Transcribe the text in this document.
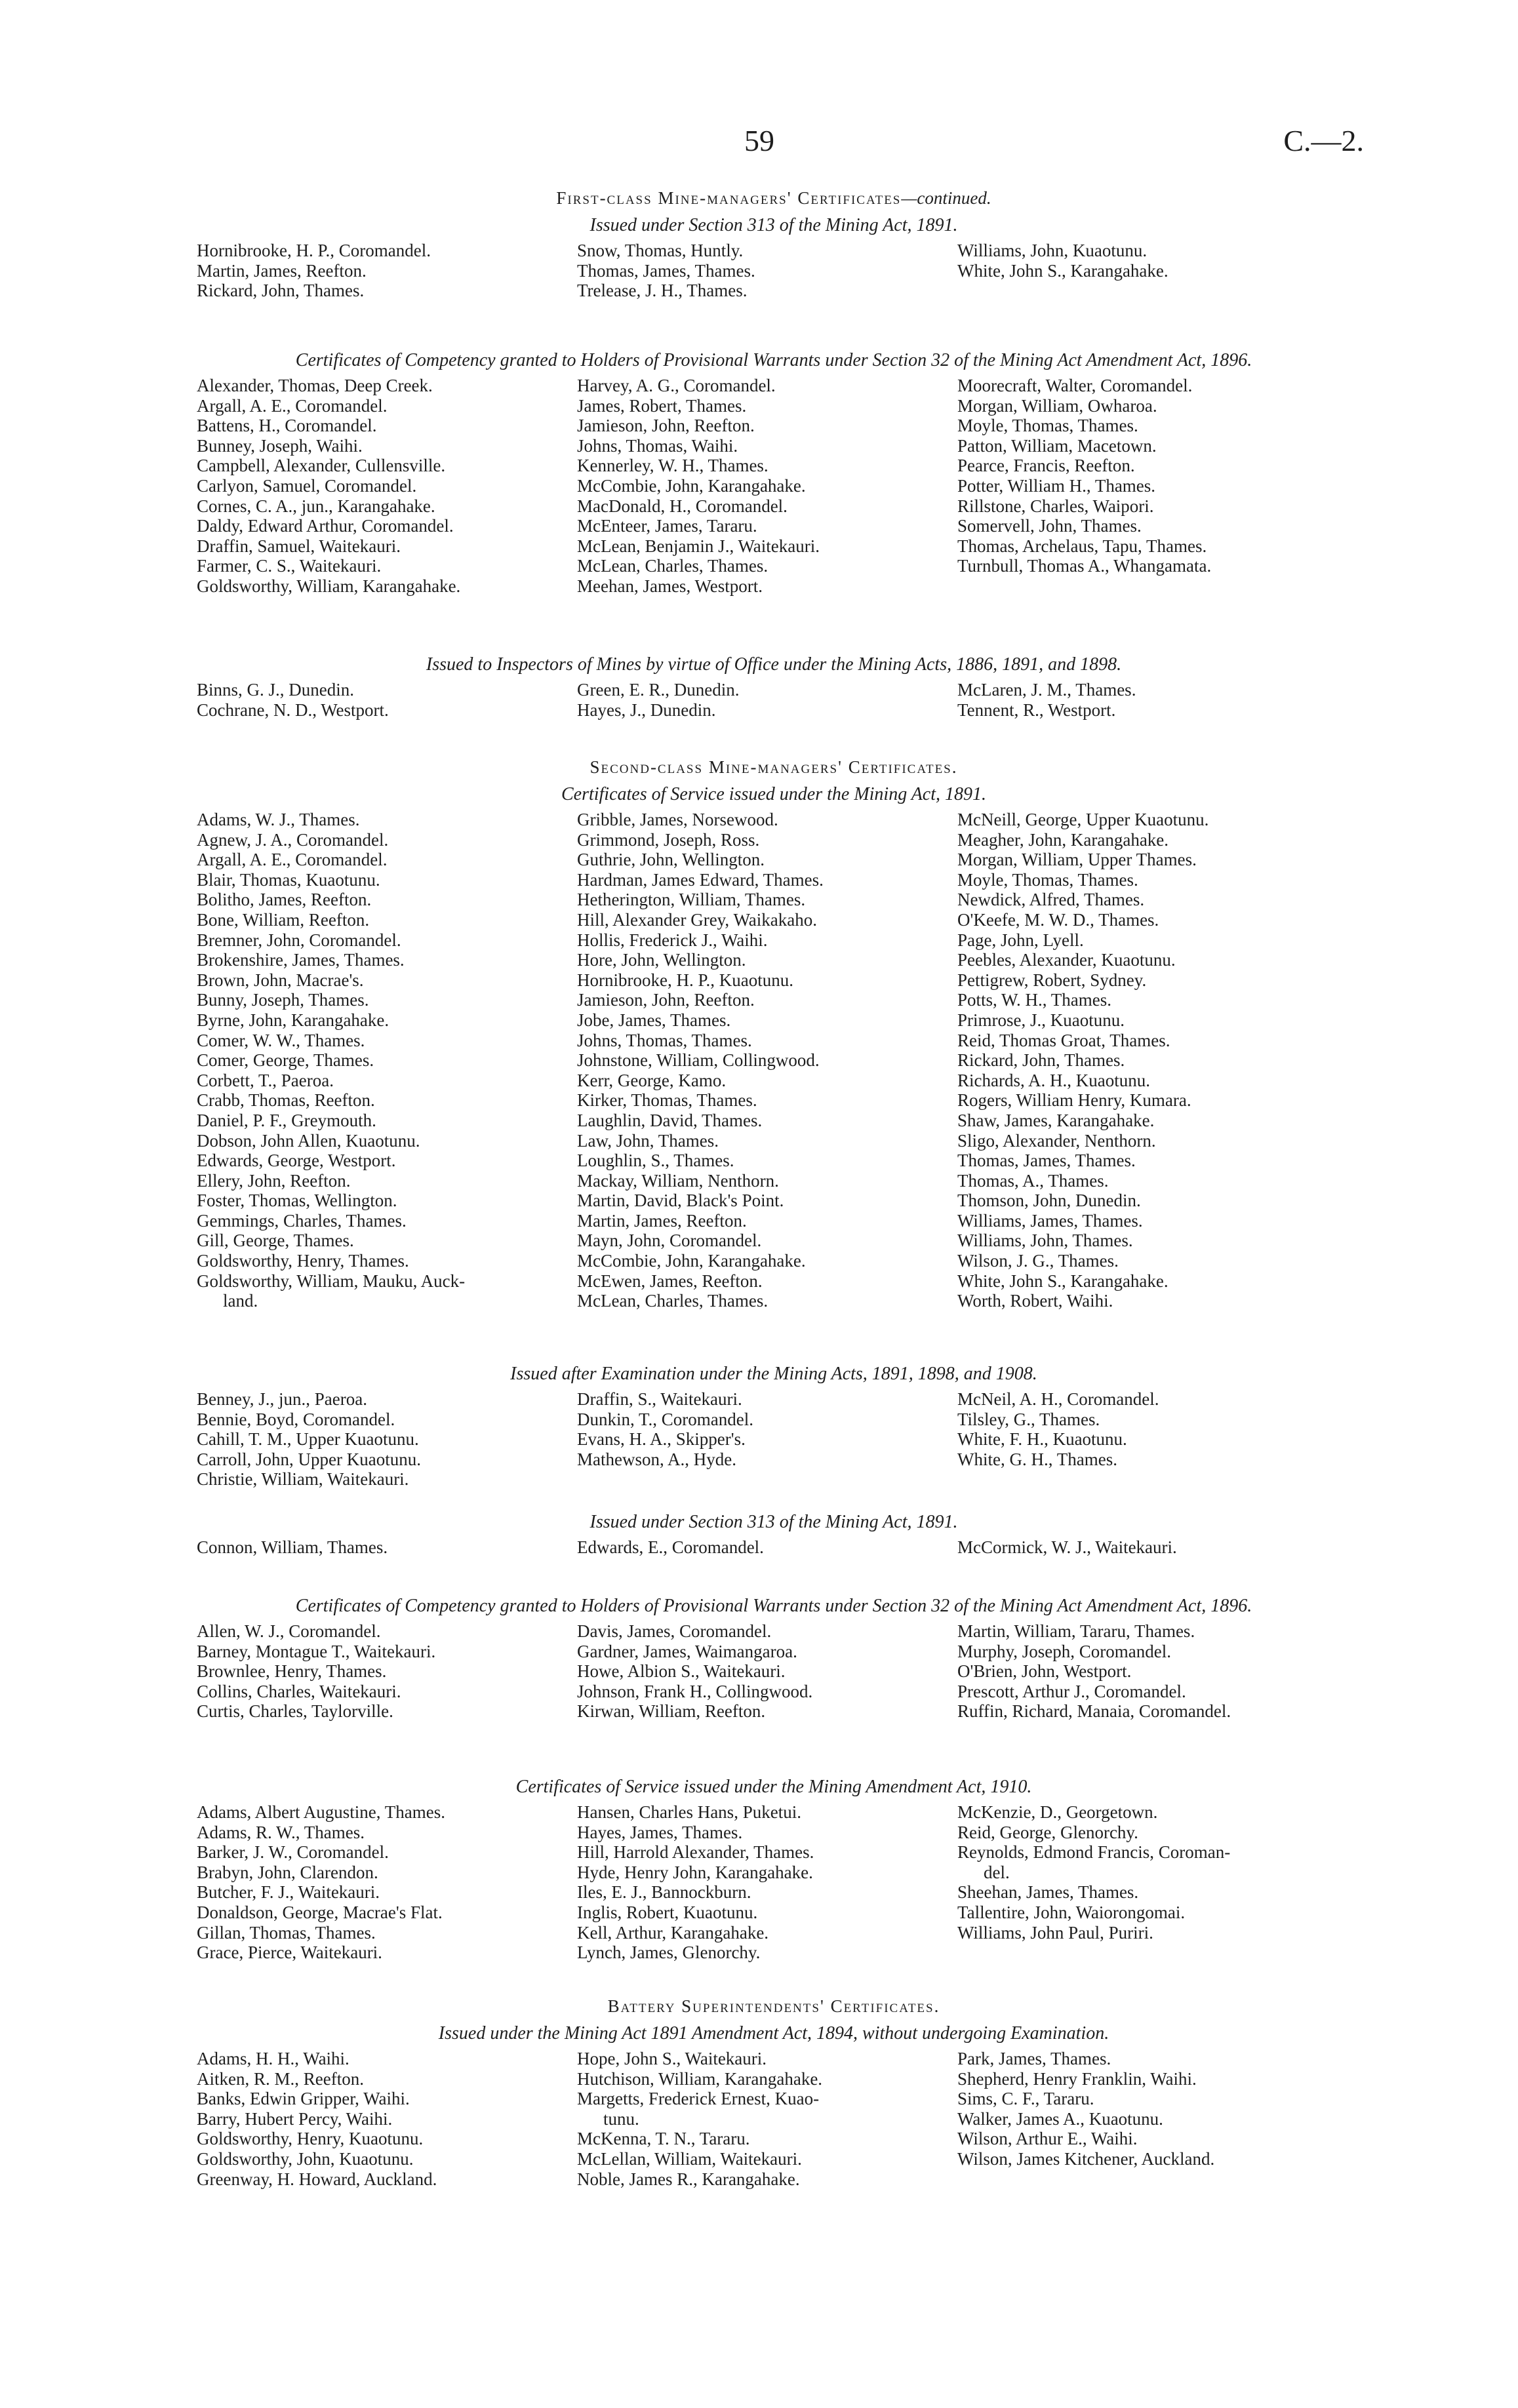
59	C.—2.
First-class Mine-managers' Certificates—continued.
Issued under Section 313 of the Mining Act, 1891.
Hornibrooke, H. P., Coromandel.
Martin, James, Reefton.
Rickard, John, Thames.
Snow, Thomas, Huntly.
Thomas, James, Thames.
Trelease, J. H., Thames.
Williams, John, Kuaotunu.
White, John S., Karangahake.
Certificates of Competency granted to Holders of Provisional Warrants under Section 32 of the Mining Act Amendment Act, 1896.
Alexander, Thomas, Deep Creek.
Argall, A. E., Coromandel.
Battens, H., Coromandel.
Bunney, Joseph, Waihi.
Campbell, Alexander, Cullensville.
Carlyon, Samuel, Coromandel.
Cornes, C. A., jun., Karangahake.
Daldy, Edward Arthur, Coromandel.
Draffin, Samuel, Waitekauri.
Farmer, C. S., Waitekauri.
Goldsworthy, William, Karangahake.
Harvey, A. G., Coromandel.
James, Robert, Thames.
Jamieson, John, Reefton.
Johns, Thomas, Waihi.
Kennerley, W. H., Thames.
McCombie, John, Karangahake.
MacDonald, H., Coromandel.
McEnteer, James, Tararu.
McLean, Benjamin J., Waitekauri.
McLean, Charles, Thames.
Meehan, James, Westport.
Moorecraft, Walter, Coromandel.
Morgan, William, Owharoa.
Moyle, Thomas, Thames.
Patton, William, Macetown.
Pearce, Francis, Reefton.
Potter, William H., Thames.
Rillstone, Charles, Waipori.
Somervell, John, Thames.
Thomas, Archelaus, Tapu, Thames.
Turnbull, Thomas A., Whangamata.
Issued to Inspectors of Mines by virtue of Office under the Mining Acts, 1886, 1891, and 1898.
Binns, G. J., Dunedin.
Cochrane, N. D., Westport.
Green, E. R., Dunedin.
Hayes, J., Dunedin.
McLaren, J. M., Thames.
Tennent, R., Westport.
Second-class Mine-managers' Certificates.
Certificates of Service issued under the Mining Act, 1891.
Adams, W. J., Thames.
Agnew, J. A., Coromandel.
Argall, A. E., Coromandel.
Blair, Thomas, Kuaotunu.
Bolitho, James, Reefton.
Bone, William, Reefton.
Bremner, John, Coromandel.
Brokenshire, James, Thames.
Brown, John, Macrae's.
Bunny, Joseph, Thames.
Byrne, John, Karangahake.
Comer, W. W., Thames.
Comer, George, Thames.
Corbett, T., Paeroa.
Crabb, Thomas, Reefton.
Daniel, P. F., Greymouth.
Dobson, John Allen, Kuaotunu.
Edwards, George, Westport.
Ellery, John, Reefton.
Foster, Thomas, Wellington.
Gemmings, Charles, Thames.
Gill, George, Thames.
Goldsworthy, Henry, Thames.
Goldsworthy, William, Mauku, Auck-
land.
Gribble, James, Norsewood.
Grimmond, Joseph, Ross.
Guthrie, John, Wellington.
Hardman, James Edward, Thames.
Hetherington, William, Thames.
Hill, Alexander Grey, Waikakaho.
Hollis, Frederick J., Waihi.
Hore, John, Wellington.
Hornibrooke, H. P., Kuaotunu.
Jamieson, John, Reefton.
Jobe, James, Thames.
Johns, Thomas, Thames.
Johnstone, William, Collingwood.
Kerr, George, Kamo.
Kirker, Thomas, Thames.
Laughlin, David, Thames.
Law, John, Thames.
Loughlin, S., Thames.
Mackay, William, Nenthorn.
Martin, David, Black's Point.
Martin, James, Reefton.
Mayn, John, Coromandel.
McCombie, John, Karangahake.
McEwen, James, Reefton.
McLean, Charles, Thames.
McNeill, George, Upper Kuaotunu.
Meagher, John, Karangahake.
Morgan, William, Upper Thames.
Moyle, Thomas, Thames.
Newdick, Alfred, Thames.
O'Keefe, M. W. D., Thames.
Page, John, Lyell.
Peebles, Alexander, Kuaotunu.
Pettigrew, Robert, Sydney.
Potts, W. H., Thames.
Primrose, J., Kuaotunu.
Reid, Thomas Groat, Thames.
Rickard, John, Thames.
Richards, A. H., Kuaotunu.
Rogers, William Henry, Kumara.
Shaw, James, Karangahake.
Sligo, Alexander, Nenthorn.
Thomas, James, Thames.
Thomas, A., Thames.
Thomson, John, Dunedin.
Williams, James, Thames.
Williams, John, Thames.
Wilson, J. G., Thames.
White, John S., Karangahake.
Worth, Robert, Waihi.
Issued after Examination under the Mining Acts, 1891, 1898, and 1908.
Benney, J., jun., Paeroa.
Bennie, Boyd, Coromandel.
Cahill, T. M., Upper Kuaotunu.
Carroll, John, Upper Kuaotunu.
Christie, William, Waitekauri.
Draffin, S., Waitekauri.
Dunkin, T., Coromandel.
Evans, H. A., Skipper's.
Mathewson, A., Hyde.
McNeil, A. H., Coromandel.
Tilsley, G., Thames.
White, F. H., Kuaotunu.
White, G. H., Thames.
Issued under Section 313 of the Mining Act, 1891.
Connon, William, Thames.	Edwards, E., Coromandel.	McCormick, W. J., Waitekauri.
Certificates of Competency granted to Holders of Provisional Warrants under Section 32 of the Mining Act Amendment Act, 1896.
Allen, W. J., Coromandel.
Barney, Montague T., Waitekauri.
Brownlee, Henry, Thames.
Collins, Charles, Waitekauri.
Curtis, Charles, Taylorville.
Davis, James, Coromandel.
Gardner, James, Waimangaroa.
Howe, Albion S., Waitekauri.
Johnson, Frank H., Collingwood.
Kirwan, William, Reefton.
Martin, William, Tararu, Thames.
Murphy, Joseph, Coromandel.
O'Brien, John, Westport.
Prescott, Arthur J., Coromandel.
Ruffin, Richard, Manaia, Coromandel.
Certificates of Service issued under the Mining Amendment Act, 1910.
Adams, Albert Augustine, Thames.
Adams, R. W., Thames.
Barker, J. W., Coromandel.
Brabyn, John, Clarendon.
Butcher, F. J., Waitekauri.
Donaldson, George, Macrae's Flat.
Gillan, Thomas, Thames.
Grace, Pierce, Waitekauri.
Hansen, Charles Hans, Puketui.
Hayes, James, Thames.
Hill, Harrold Alexander, Thames.
Hyde, Henry John, Karangahake.
Iles, E. J., Bannockburn.
Inglis, Robert, Kuaotunu.
Kell, Arthur, Karangahake.
Lynch, James, Glenorchy.
McKenzie, D., Georgetown.
Reid, George, Glenorchy.
Reynolds, Edmond Francis, Coroman-
del.
Sheehan, James, Thames.
Tallentire, John, Waiorongomai.
Williams, John Paul, Puriri.
Battery Superintendents' Certificates.
Issued under the Mining Act 1891 Amendment Act, 1894, without undergoing Examination.
Adams, H. H., Waihi.
Aitken, R. M., Reefton.
Banks, Edwin Gripper, Waihi.
Barry, Hubert Percy, Waihi.
Goldsworthy, Henry, Kuaotunu.
Goldsworthy, John, Kuaotunu.
Greenway, H. Howard, Auckland.
Hope, John S., Waitekauri.
Hutchison, William, Karangahake.
Margetts, Frederick Ernest, Kuao-
tunu.
McKenna, T. N., Tararu.
McLellan, William, Waitekauri.
Noble, James R., Karangahake.
Park, James, Thames.
Shepherd, Henry Franklin, Waihi.
Sims, C. F., Tararu.
Walker, James A., Kuaotunu.
Wilson, Arthur E., Waihi.
Wilson, James Kitchener, Auckland.
